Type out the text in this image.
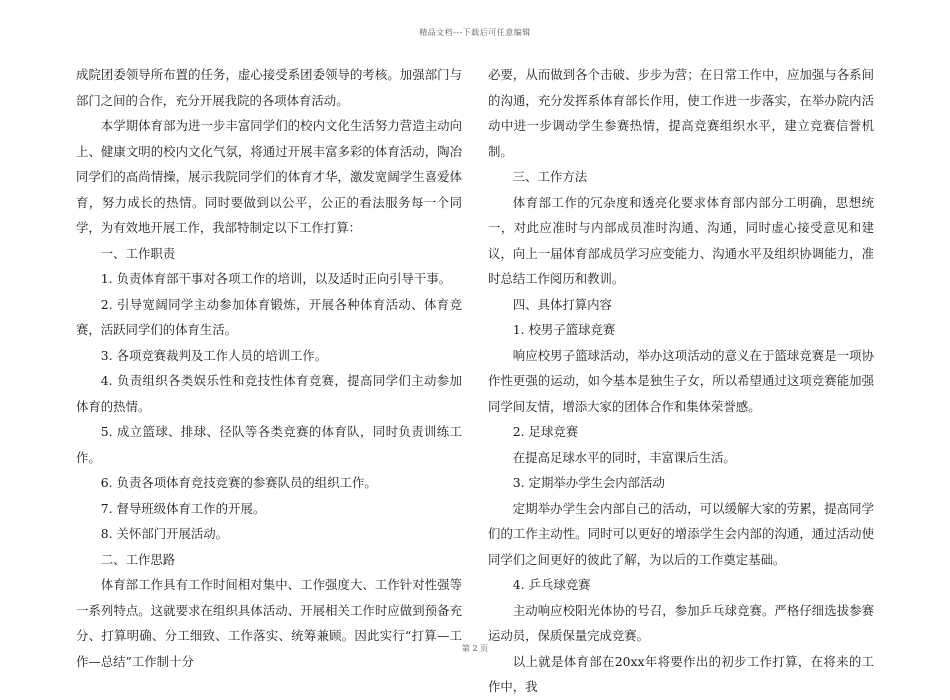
精品文档---下载后可任意编辑

成院团委领导所布置的任务，虚心接受系团委领导的考核。加强部门与部门之间的合作，充分开展我院的各项体育活动。

本学期体育部为进一步丰富同学们的校内文化生活努力营造主动向上、健康文明的校内文化气氛，将通过开展丰富多彩的体育活动，陶冶同学们的高尚情操，展示我院同学们的体育才华，激发宽阔学生喜爱体育，努力成长的热情。同时要做到以公平，公正的看法服务每一个同学，为有效地开展工作，我部特制定以下工作打算：

一、工作职责

1. 负责体育部干事对各项工作的培训，以及适时正向引导干事。

2. 引导宽阔同学主动参加体育锻炼，开展各种体育活动、体育竞赛，活跃同学们的体育生活。

3. 各项竞赛裁判及工作人员的培训工作。

4. 负责组织各类娱乐性和竞技性体育竞赛，提高同学们主动参加体育的热情。

5. 成立篮球、排球、径队等各类竞赛的体育队，同时负责训练工作。

6. 负责各项体育竞技竞赛的参赛队员的组织工作。

7. 督导班级体育工作的开展。

8. 关怀部门开展活动。

二、工作思路

体育部工作具有工作时间相对集中、工作强度大、工作针对性强等一系列特点。这就要求在组织具体活动、开展相关工作时应做到预备充分、打算明确、分工细致、工作落实、统筹兼顾。因此实行“打算—工作—总结”工作制十分

必要，从而做到各个击破、步步为营；在日常工作中，应加强与各系间的沟通，充分发挥系体育部长作用，使工作进一步落实，在举办院内活动中进一步调动学生参赛热情，提高竞赛组织水平，建立竞赛信誉机制。

三、工作方法

体育部工作的冗杂度和透亮化要求体育部内部分工明确，思想统一，对此应准时与内部成员准时沟通、沟通，同时虚心接受意见和建议，向上一届体育部成员学习应变能力、沟通水平及组织协调能力，准时总结工作阅历和教训。

四、具体打算内容

1. 校男子篮球竞赛

响应校男子篮球活动，举办这项活动的意义在于篮球竞赛是一项协作性更强的运动，如今基本是独生子女，所以希望通过这项竞赛能加强同学间友情，增添大家的团体合作和集体荣誉感。

2. 足球竞赛

在提高足球水平的同时，丰富课后生活。

3. 定期举办学生会内部活动

定期举办学生会内部自己的活动，可以缓解大家的劳累，提高同学们的工作主动性。同时可以更好的增添学生会内部的沟通，通过活动使同学们之间更好的彼此了解，为以后的工作奠定基础。

4. 乒乓球竞赛

主动响应校阳光体协的号召，参加乒乓球竞赛。严格仔细选拔参赛运动员，保质保量完成竞赛。

以上就是体育部在20xx年将要作出的初步工作打算，在将来的工作中，我

第 2 页
